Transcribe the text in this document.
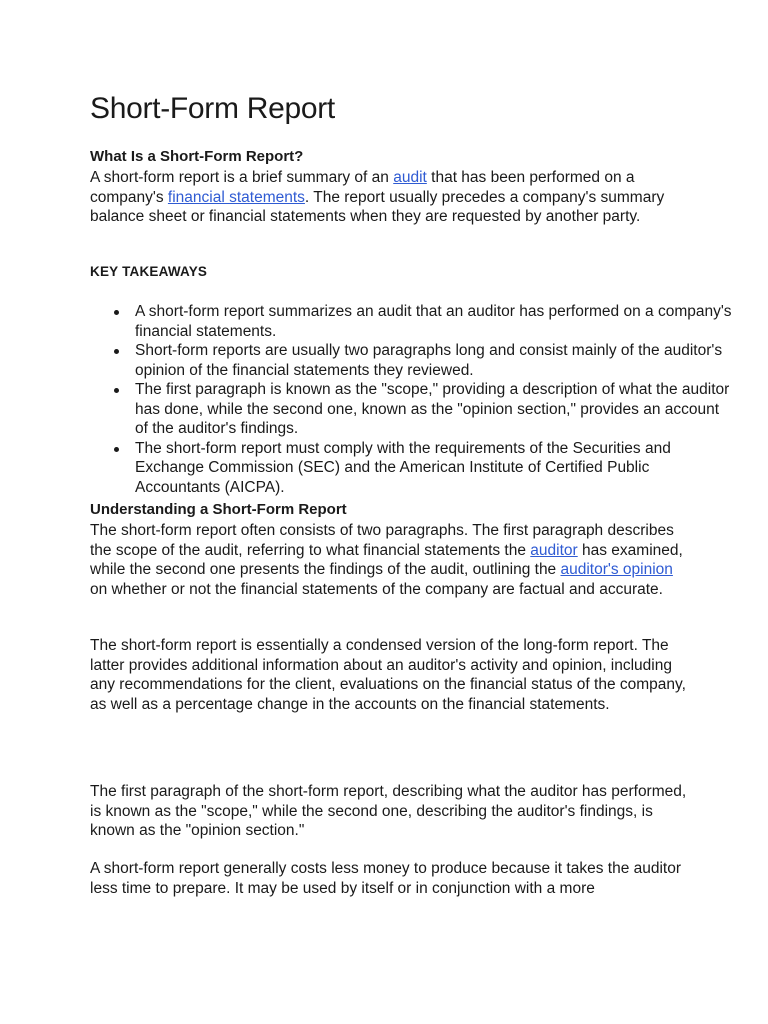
Short-Form Report
What Is a Short-Form Report?

A short-form report is a brief summary of an audit that has been performed on a company's financial statements. The report usually precedes a company's summary balance sheet or financial statements when they are requested by another party.

KEY TAKEAWAYS
A short-form report summarizes an audit that an auditor has performed on a company's financial statements.
Short-form reports are usually two paragraphs long and consist mainly of the auditor's opinion of the financial statements they reviewed.
The first paragraph is known as the "scope," providing a description of what the auditor has done, while the second one, known as the "opinion section," provides an account of the auditor's findings.
The short-form report must comply with the requirements of the Securities and Exchange Commission (SEC) and the American Institute of Certified Public Accountants (AICPA).
Understanding a Short-Form Report

The short-form report often consists of two paragraphs. The first paragraph describes the scope of the audit, referring to what financial statements the auditor has examined, while the second one presents the findings of the audit, outlining the auditor's opinion on whether or not the financial statements of the company are factual and accurate.

The short-form report is essentially a condensed version of the long-form report. The latter provides additional information about an auditor's activity and opinion, including any recommendations for the client, evaluations on the financial status of the company, as well as a percentage change in the accounts on the financial statements.

The first paragraph of the short-form report, describing what the auditor has performed, is known as the "scope," while the second one, describing the auditor's findings, is known as the "opinion section."

A short-form report generally costs less money to produce because it takes the auditor less time to prepare. It may be used by itself or in conjunction with a more
